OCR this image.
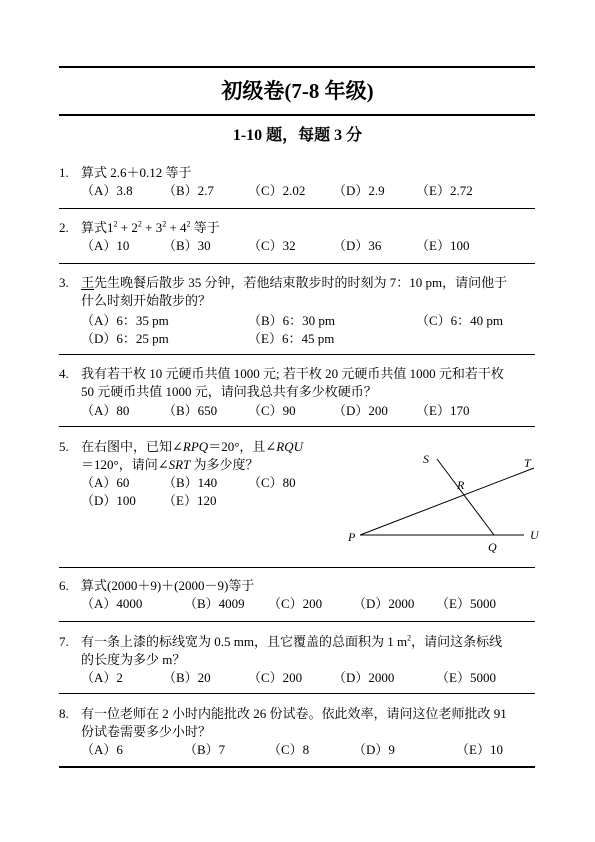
初级卷(7-8 年级)
1-10 题，每题 3 分
1. 算式 2.6＋0.12 等于
（A）3.8 （B）2.7	（C）2.02 （D）2.9 （E）2.72
2. 算式$1^2 + 2^2 + 3^2 + 4^2$ 等于
（A）10	（B）30	（C）32	（D）36	（E）100
3. 王先生晚餐后散步 35 分钟，若他结束散步时的时刻为 7：10 pm，请问他于
什么时刻开始散步的？
（A）6：35 pm	（B）6：30 pm	（C）6：40 pm
（D）6：25 pm	（E）6：45 pm
4. 我有若干枚 10 元硬币共值 1000 元; 若干枚 20 元硬币共值 1000 元和若干枚
50 元硬币共值 1000 元，请问我总共有多少枚硬币？
（A）80	（B）650 （C）90	（D）200 （E）170
5. 在右图中，已知∠RPQ＝20°，且∠RQU
＝120°，请问∠SRT 为多少度？
（A）60	（B）140 （C）80
（D）100 （E）120
S	T
R
P
Q
U
6. 算式(2000＋9)＋(2000－9)等于
（A）4000	（B）4009 （C）200 （D）2000 （E）5000
7. 有一条上漆的标线宽为 0.5 mm，且它覆盖的总面积为 1 $m^2$，请问这条标线
的长度为多少 m？
（A）2	（B）20	（C）200 （D）2000	（E）5000
8. 有一位老师在 2 小时内能批改 26 份试卷。依此效率，请问这位老师批改 91
份试卷需要多少小时？
（A）6	（B）7	（C）8	（D）9	（E）10
